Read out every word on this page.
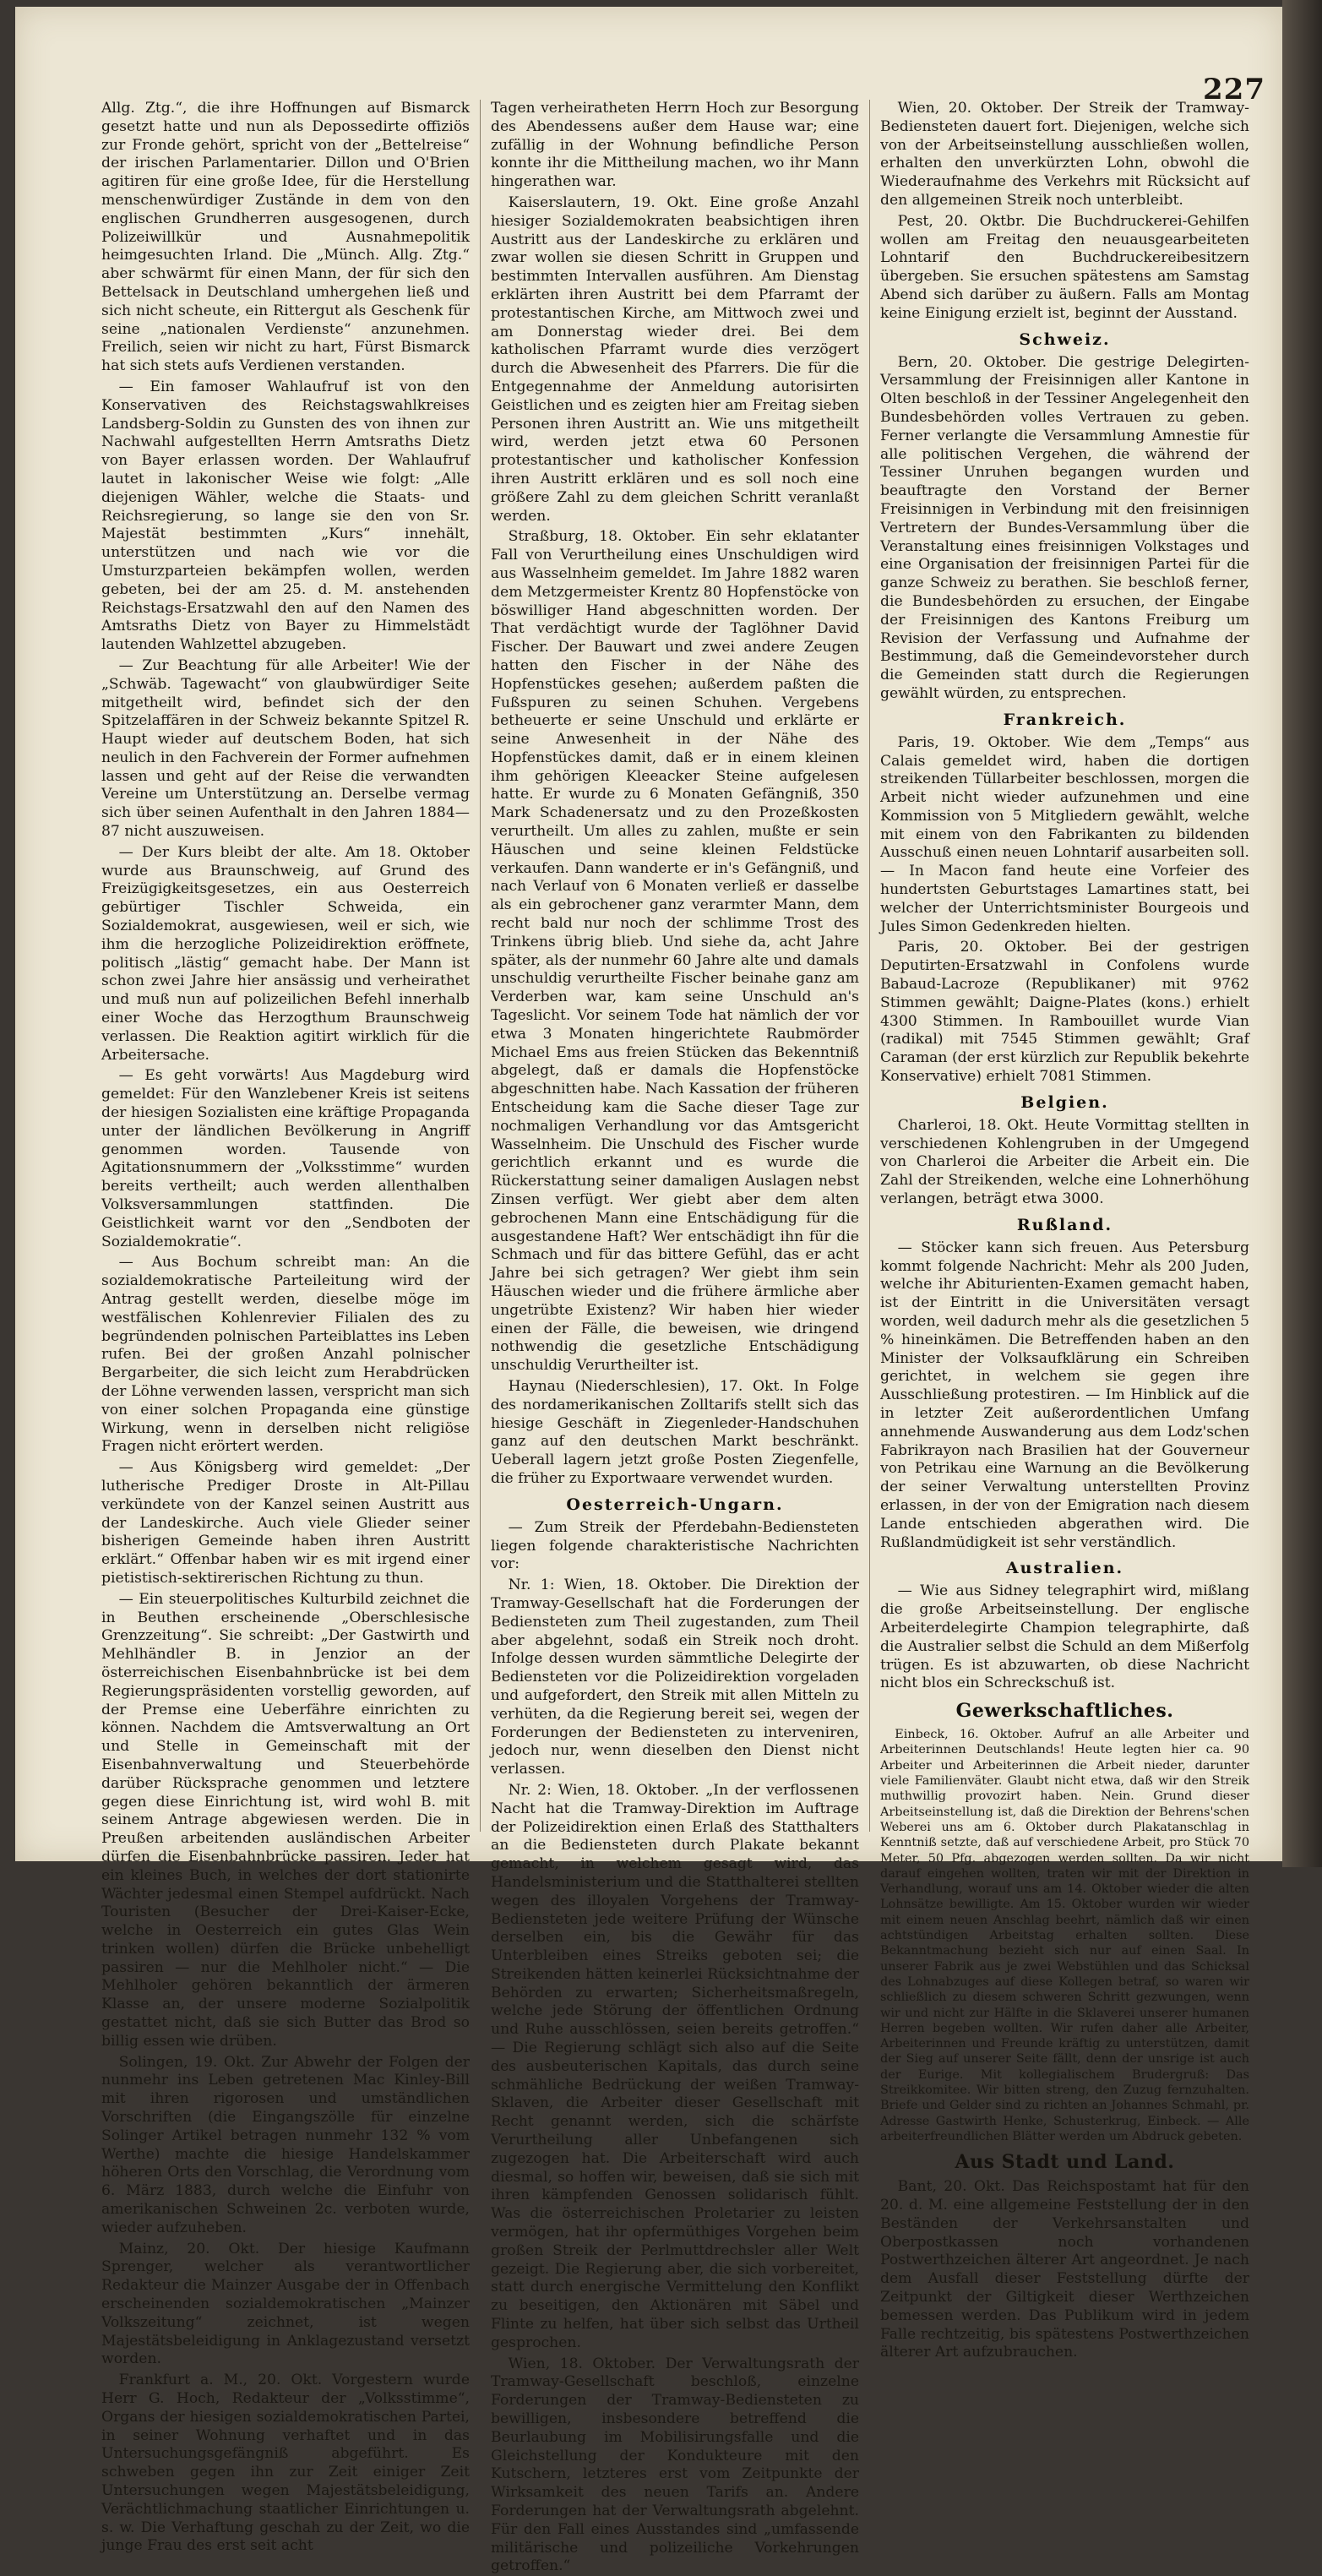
227

Allg. Ztg.“, die ihre Hoffnungen auf Bismarck gesetzt hatte und nun als Depossedirte offiziös zur Fronde gehört, spricht von der „Bettelreise“ der irischen Parlamentarier. Dillon und O'Brien agitiren für eine große Idee, für die Herstellung menschenwürdiger Zustände in dem von den englischen Grundherren ausgesogenen, durch Polizeiwillkür und Ausnahmepolitik heimgesuchten Irland. Die „Münch. Allg. Ztg.“ aber schwärmt für einen Mann, der für sich den Bettelsack in Deutschland umhergehen ließ und sich nicht scheute, ein Rittergut als Geschenk für seine „nationalen Verdienste“ anzunehmen. Freilich, seien wir nicht zu hart, Fürst Bismarck hat sich stets aufs Verdienen verstanden.

— Ein famoser Wahlaufruf ist von den Konservativen des Reichstagswahlkreises Landsberg-Soldin zu Gunsten des von ihnen zur Nachwahl aufgestellten Herrn Amtsraths Dietz von Bayer erlassen worden. Der Wahlaufruf lautet in lakonischer Weise wie folgt: „Alle diejenigen Wähler, welche die Staats- und Reichsregierung, so lange sie den von Sr. Majestät bestimmten „Kurs“ innehält, unterstützen und nach wie vor die Umsturzparteien bekämpfen wollen, werden gebeten, bei der am 25. d. M. anstehenden Reichstags-Ersatzwahl den auf den Namen des Amtsraths Dietz von Bayer zu Himmelstädt lautenden Wahlzettel abzugeben.

— Zur Beachtung für alle Arbeiter! Wie der „Schwäb. Tagewacht“ von glaubwürdiger Seite mitgetheilt wird, befindet sich der den Spitzelaffären in der Schweiz bekannte Spitzel R. Haupt wieder auf deutschem Boden, hat sich neulich in den Fachverein der Former aufnehmen lassen und geht auf der Reise die verwandten Vereine um Unterstützung an. Derselbe vermag sich über seinen Aufenthalt in den Jahren 1884—87 nicht auszuweisen.

— Der Kurs bleibt der alte. Am 18. Oktober wurde aus Braunschweig, auf Grund des Freizügigkeitsgesetzes, ein aus Oesterreich gebürtiger Tischler Schweida, ein Sozialdemokrat, ausgewiesen, weil er sich, wie ihm die herzogliche Polizeidirektion eröffnete, politisch „lästig“ gemacht habe. Der Mann ist schon zwei Jahre hier ansässig und verheirathet und muß nun auf polizeilichen Befehl innerhalb einer Woche das Herzogthum Braunschweig verlassen. Die Reaktion agitirt wirklich für die Arbeitersache.

— Es geht vorwärts! Aus Magdeburg wird gemeldet: Für den Wanzlebener Kreis ist seitens der hiesigen Sozialisten eine kräftige Propaganda unter der ländlichen Bevölkerung in Angriff genommen worden. Tausende von Agitationsnummern der „Volksstimme“ wurden bereits vertheilt; auch werden allenthalben Volksversammlungen stattfinden. Die Geistlichkeit warnt vor den „Sendboten der Sozialdemokratie“.

— Aus Bochum schreibt man: An die sozialdemokratische Parteileitung wird der Antrag gestellt werden, dieselbe möge im westfälischen Kohlenrevier Filialen des zu begründenden polnischen Parteiblattes ins Leben rufen. Bei der großen Anzahl polnischer Bergarbeiter, die sich leicht zum Herabdrücken der Löhne verwenden lassen, verspricht man sich von einer solchen Propaganda eine günstige Wirkung, wenn in derselben nicht religiöse Fragen nicht erörtert werden.

— Aus Königsberg wird gemeldet: „Der lutherische Prediger Droste in Alt-Pillau verkündete von der Kanzel seinen Austritt aus der Landeskirche. Auch viele Glieder seiner bisherigen Gemeinde haben ihren Austritt erklärt.“ Offenbar haben wir es mit irgend einer pietistisch-sektirerischen Richtung zu thun.

— Ein steuerpolitisches Kulturbild zeichnet die in Beuthen erscheinende „Oberschlesische Grenzzeitung“. Sie schreibt: „Der Gastwirth und Mehlhändler B. in Jenzior an der österreichischen Eisenbahnbrücke ist bei dem Regierungspräsidenten vorstellig geworden, auf der Premse eine Ueberfähre einrichten zu können. Nachdem die Amtsverwaltung an Ort und Stelle in Gemeinschaft mit der Eisenbahnverwaltung und Steuerbehörde darüber Rücksprache genommen und letztere gegen diese Einrichtung ist, wird wohl B. mit seinem Antrage abgewiesen werden. Die in Preußen arbeitenden ausländischen Arbeiter dürfen die Eisenbahnbrücke passiren. Jeder hat ein kleines Buch, in welches der dort stationirte Wächter jedesmal einen Stempel aufdrückt. Nach Touristen (Besucher der Drei-Kaiser-Ecke, welche in Oesterreich ein gutes Glas Wein trinken wollen) dürfen die Brücke unbehelligt passiren — nur die Mehlholer nicht.“ — Die Mehlholer gehören bekanntlich der ärmeren Klasse an, der unsere moderne Sozialpolitik gestattet nicht, daß sie sich Butter das Brod so billig essen wie drüben.

Solingen, 19. Okt. Zur Abwehr der Folgen der nunmehr ins Leben getretenen Mac Kinley-Bill mit ihren rigorosen und umständlichen Vorschriften (die Eingangszölle für einzelne Solinger Artikel betragen nunmehr 132 % vom Werthe) machte die hiesige Handelskammer höheren Orts den Vorschlag, die Verordnung vom 6. März 1883, durch welche die Einfuhr von amerikanischen Schweinen 2c. verboten wurde, wieder aufzuheben.

Mainz, 20. Okt. Der hiesige Kaufmann Sprenger, welcher als verantwortlicher Redakteur die Mainzer Ausgabe der in Offenbach erscheinenden sozialdemokratischen „Mainzer Volkszeitung“ zeichnet, ist wegen Majestätsbeleidigung in Anklagezustand versetzt worden.

Frankfurt a. M., 20. Okt. Vorgestern wurde Herr G. Hoch, Redakteur der „Volksstimme“, Organs der hiesigen sozialdemokratischen Partei, in seiner Wohnung verhaftet und in das Untersuchungsgefängniß abgeführt. Es schweben gegen ihn zur Zeit einiger Zeit Untersuchungen wegen Majestätsbeleidigung, Verächtlichmachung staatlicher Einrichtungen u. s. w. Die Verhaftung geschah zu der Zeit, wo die junge Frau des erst seit acht

Tagen verheiratheten Herrn Hoch zur Besorgung des Abendessens außer dem Hause war; eine zufällig in der Wohnung befindliche Person konnte ihr die Mittheilung machen, wo ihr Mann hingerathen war.

Kaiserslautern, 19. Okt. Eine große Anzahl hiesiger Sozialdemokraten beabsichtigen ihren Austritt aus der Landeskirche zu erklären und zwar wollen sie diesen Schritt in Gruppen und bestimmten Intervallen ausführen. Am Dienstag erklärten ihren Austritt bei dem Pfarramt der protestantischen Kirche, am Mittwoch zwei und am Donnerstag wieder drei. Bei dem katholischen Pfarramt wurde dies verzögert durch die Abwesenheit des Pfarrers. Die für die Entgegennahme der Anmeldung autorisirten Geistlichen und es zeigten hier am Freitag sieben Personen ihren Austritt an. Wie uns mitgetheilt wird, werden jetzt etwa 60 Personen protestantischer und katholischer Konfession ihren Austritt erklären und es soll noch eine größere Zahl zu dem gleichen Schritt veranlaßt werden.

Straßburg, 18. Oktober. Ein sehr eklatanter Fall von Verurtheilung eines Unschuldigen wird aus Wasselnheim gemeldet. Im Jahre 1882 waren dem Metzgermeister Krentz 80 Hopfenstöcke von böswilliger Hand abgeschnitten worden. Der That verdächtigt wurde der Taglöhner David Fischer. Der Bauwart und zwei andere Zeugen hatten den Fischer in der Nähe des Hopfenstückes gesehen; außerdem paßten die Fußspuren zu seinen Schuhen. Vergebens betheuerte er seine Unschuld und erklärte er seine Anwesenheit in der Nähe des Hopfenstückes damit, daß er in einem kleinen ihm gehörigen Kleeacker Steine aufgelesen hatte. Er wurde zu 6 Monaten Gefängniß, 350 Mark Schadenersatz und zu den Prozeßkosten verurtheilt. Um alles zu zahlen, mußte er sein Häuschen und seine kleinen Feldstücke verkaufen. Dann wanderte er in's Gefängniß, und nach Verlauf von 6 Monaten verließ er dasselbe als ein gebrochener ganz verarmter Mann, dem recht bald nur noch der schlimme Trost des Trinkens übrig blieb. Und siehe da, acht Jahre später, als der nunmehr 60 Jahre alte und damals unschuldig verurtheilte Fischer beinahe ganz am Verderben war, kam seine Unschuld an's Tageslicht. Vor seinem Tode hat nämlich der vor etwa 3 Monaten hingerichtete Raubmörder Michael Ems aus freien Stücken das Bekenntniß abgelegt, daß er damals die Hopfenstöcke abgeschnitten habe. Nach Kassation der früheren Entscheidung kam die Sache dieser Tage zur nochmaligen Verhandlung vor das Amtsgericht Wasselnheim. Die Unschuld des Fischer wurde gerichtlich erkannt und es wurde die Rückerstattung seiner damaligen Auslagen nebst Zinsen verfügt. Wer giebt aber dem alten gebrochenen Mann eine Entschädigung für die ausgestandene Haft? Wer entschädigt ihn für die Schmach und für das bittere Gefühl, das er acht Jahre bei sich getragen? Wer giebt ihm sein Häuschen wieder und die frühere ärmliche aber ungetrübte Existenz? Wir haben hier wieder einen der Fälle, die beweisen, wie dringend nothwendig die gesetzliche Entschädigung unschuldig Verurtheilter ist.

Haynau (Niederschlesien), 17. Okt. In Folge des nordamerikanischen Zolltarifs stellt sich das hiesige Geschäft in Ziegenleder-Handschuhen ganz auf den deutschen Markt beschränkt. Ueberall lagern jetzt große Posten Ziegenfelle, die früher zu Exportwaare verwendet wurden.

Oesterreich-Ungarn.

— Zum Streik der Pferdebahn-Bediensteten liegen folgende charakteristische Nachrichten vor:

Nr. 1: Wien, 18. Oktober. Die Direktion der Tramway-Gesellschaft hat die Forderungen der Bediensteten zum Theil zugestanden, zum Theil aber abgelehnt, sodaß ein Streik noch droht. Infolge dessen wurden sämmtliche Delegirte der Bediensteten vor die Polizeidirektion vorgeladen und aufgefordert, den Streik mit allen Mitteln zu verhüten, da die Regierung bereit sei, wegen der Forderungen der Bediensteten zu interveniren, jedoch nur, wenn dieselben den Dienst nicht verlassen.

Nr. 2: Wien, 18. Oktober. „In der verflossenen Nacht hat die Tramway-Direktion im Auftrage der Polizeidirektion einen Erlaß des Statthalters an die Bediensteten durch Plakate bekannt gemacht, in welchem gesagt wird, das Handelsministerium und die Statthalterei stellten wegen des illoyalen Vorgehens der Tramway-Bediensteten jede weitere Prüfung der Wünsche derselben ein, bis die Gewähr für das Unterbleiben eines Streiks geboten sei; die Streikenden hätten keinerlei Rücksichtnahme der Behörden zu erwarten; Sicherheitsmaßregeln, welche jede Störung der öffentlichen Ordnung und Ruhe ausschlössen, seien bereits getroffen.“ — Die Regierung schlägt sich also auf die Seite des ausbeuterischen Kapitals, das durch seine schmähliche Bedrückung der weißen Tramway-Sklaven, die Arbeiter dieser Gesellschaft mit Recht genannt werden, sich die schärfste Verurtheilung aller Unbefangenen sich zugezogen hat. Die Arbeiterschaft wird auch diesmal, so hoffen wir, beweisen, daß sie sich mit ihren kämpfenden Genossen solidarisch fühlt. Was die österreichischen Proletarier zu leisten vermögen, hat ihr opfermüthiges Vorgehen beim großen Streik der Perlmuttdrechsler aller Welt gezeigt. Die Regierung aber, die sich vorbereitet, statt durch energische Vermittelung den Konflikt zu beseitigen, den Aktionären mit Säbel und Flinte zu helfen, hat über sich selbst das Urtheil gesprochen.

Wien, 18. Oktober. Der Verwaltungsrath der Tramway-Gesellschaft beschloß, einzelne Forderungen der Tramway-Bediensteten zu bewilligen, insbesondere betreffend die Beurlaubung im Mobilisirungsfalle und die Gleichstellung der Kondukteure mit den Kutschern, letzteres erst vom Zeitpunkte der Wirksamkeit des neuen Tarifs an. Andere Forderungen hat der Verwaltungsrath abgelehnt. Für den Fall eines Ausstandes sind „umfassende militärische und polizeiliche Vorkehrungen getroffen.“

Wien, 20. Oktober. Der Streik der Tramway-Bediensteten dauert fort. Diejenigen, welche sich von der Arbeitseinstellung ausschließen wollen, erhalten den unverkürzten Lohn, obwohl die Wiederaufnahme des Verkehrs mit Rücksicht auf den allgemeinen Streik noch unterbleibt.

Pest, 20. Oktbr. Die Buchdruckerei-Gehilfen wollen am Freitag den neuausgearbeiteten Lohntarif den Buchdruckereibesitzern übergeben. Sie ersuchen spätestens am Samstag Abend sich darüber zu äußern. Falls am Montag keine Einigung erzielt ist, beginnt der Ausstand.

Schweiz.

Bern, 20. Oktober. Die gestrige Delegirten-Versammlung der Freisinnigen aller Kantone in Olten beschloß in der Tessiner Angelegenheit den Bundesbehörden volles Vertrauen zu geben. Ferner verlangte die Versammlung Amnestie für alle politischen Vergehen, die während der Tessiner Unruhen begangen wurden und beauftragte den Vorstand der Berner Freisinnigen in Verbindung mit den freisinnigen Vertretern der Bundes-Versammlung über die Veranstaltung eines freisinnigen Volkstages und eine Organisation der freisinnigen Partei für die ganze Schweiz zu berathen. Sie beschloß ferner, die Bundesbehörden zu ersuchen, der Eingabe der Freisinnigen des Kantons Freiburg um Revision der Verfassung und Aufnahme der Bestimmung, daß die Gemeindevorsteher durch die Gemeinden statt durch die Regierungen gewählt würden, zu entsprechen.

Frankreich.

Paris, 19. Oktober. Wie dem „Temps“ aus Calais gemeldet wird, haben die dortigen streikenden Tüllarbeiter beschlossen, morgen die Arbeit nicht wieder aufzunehmen und eine Kommission von 5 Mitgliedern gewählt, welche mit einem von den Fabrikanten zu bildenden Ausschuß einen neuen Lohntarif ausarbeiten soll. — In Macon fand heute eine Vorfeier des hundertsten Geburtstages Lamartines statt, bei welcher der Unterrichtsminister Bourgeois und Jules Simon Gedenkreden hielten.

Paris, 20. Oktober. Bei der gestrigen Deputirten-Ersatzwahl in Confolens wurde Babaud-Lacroze (Republikaner) mit 9762 Stimmen gewählt; Daigne-Plates (kons.) erhielt 4300 Stimmen. In Rambouillet wurde Vian (radikal) mit 7545 Stimmen gewählt; Graf Caraman (der erst kürzlich zur Republik bekehrte Konservative) erhielt 7081 Stimmen.

Belgien.

Charleroi, 18. Okt. Heute Vormittag stellten in verschiedenen Kohlengruben in der Umgegend von Charleroi die Arbeiter die Arbeit ein. Die Zahl der Streikenden, welche eine Lohnerhöhung verlangen, beträgt etwa 3000.

Rußland.

— Stöcker kann sich freuen. Aus Petersburg kommt folgende Nachricht: Mehr als 200 Juden, welche ihr Abiturienten-Examen gemacht haben, ist der Eintritt in die Universitäten versagt worden, weil dadurch mehr als die gesetzlichen 5 % hineinkämen. Die Betreffenden haben an den Minister der Volksaufklärung ein Schreiben gerichtet, in welchem sie gegen ihre Ausschließung protestiren. — Im Hinblick auf die in letzter Zeit außerordentlichen Umfang annehmende Auswanderung aus dem Lodz'schen Fabrikrayon nach Brasilien hat der Gouverneur von Petrikau eine Warnung an die Bevölkerung der seiner Verwaltung unterstellten Provinz erlassen, in der von der Emigration nach diesem Lande entschieden abgerathen wird. Die Rußlandmüdigkeit ist sehr verständlich.

Australien.

— Wie aus Sidney telegraphirt wird, mißlang die große Arbeitseinstellung. Der englische Arbeiterdelegirte Champion telegraphirte, daß die Australier selbst die Schuld an dem Mißerfolg trügen. Es ist abzuwarten, ob diese Nachricht nicht blos ein Schreckschuß ist.

Gewerkschaftliches.

Einbeck, 16. Oktober. Aufruf an alle Arbeiter und Arbeiterinnen Deutschlands! Heute legten hier ca. 90 Arbeiter und Arbeiterinnen die Arbeit nieder, darunter viele Familienväter. Glaubt nicht etwa, daß wir den Streik muthwillig provozirt haben. Nein. Grund dieser Arbeitseinstellung ist, daß die Direktion der Behrens'schen Weberei uns am 6. Oktober durch Plakatanschlag in Kenntniß setzte, daß auf verschiedene Arbeit, pro Stück 70 Meter, 50 Pfg. abgezogen werden sollten. Da wir nicht darauf eingehen wollten, traten wir mit der Direktion in Verhandlung, worauf uns am 14. Oktober wieder die alten Lohnsätze bewilligte. Am 15. Oktober wurden wir wieder mit einem neuen Anschlag beehrt, nämlich daß wir einen achtstündigen Arbeitstag erhalten sollten. Diese Bekanntmachung bezieht sich nur auf einen Saal. In unserer Fabrik aus je zwei Webstühlen und das Schicksal des Lohnabzuges auf diese Kollegen betraf, so waren wir schließlich zu diesem schweren Schritt gezwungen, wenn wir und nicht zur Hälfte in die Sklaverei unserer humanen Herren begeben wollten. Wir rufen daher alle Arbeiter, Arbeiterinnen und Freunde kräftig zu unterstützen, damit der Sieg auf unserer Seite fällt, denn der unsrige ist auch der Eurige. Mit kollegialischem Brudergruß: Das Streikkomitee. Wir bitten streng, den Zuzug fernzuhalten. Briefe und Gelder sind zu richten an Johannes Schmahl, pr. Adresse Gastwirth Henke, Schusterkrug, Einbeck. — Alle arbeiterfreundlichen Blätter werden um Abdruck gebeten.

Aus Stadt und Land.

Bant, 20. Okt. Das Reichspostamt hat für den 20. d. M. eine allgemeine Feststellung der in den Beständen der Verkehrsanstalten und Oberpostkassen noch vorhandenen Postwerthzeichen älterer Art angeordnet. Je nach dem Ausfall dieser Feststellung dürfte der Zeitpunkt der Giltigkeit dieser Werthzeichen bemessen werden. Das Publikum wird in jedem Falle rechtzeitig, bis spätestens Postwerthzeichen älterer Art aufzubrauchen.
